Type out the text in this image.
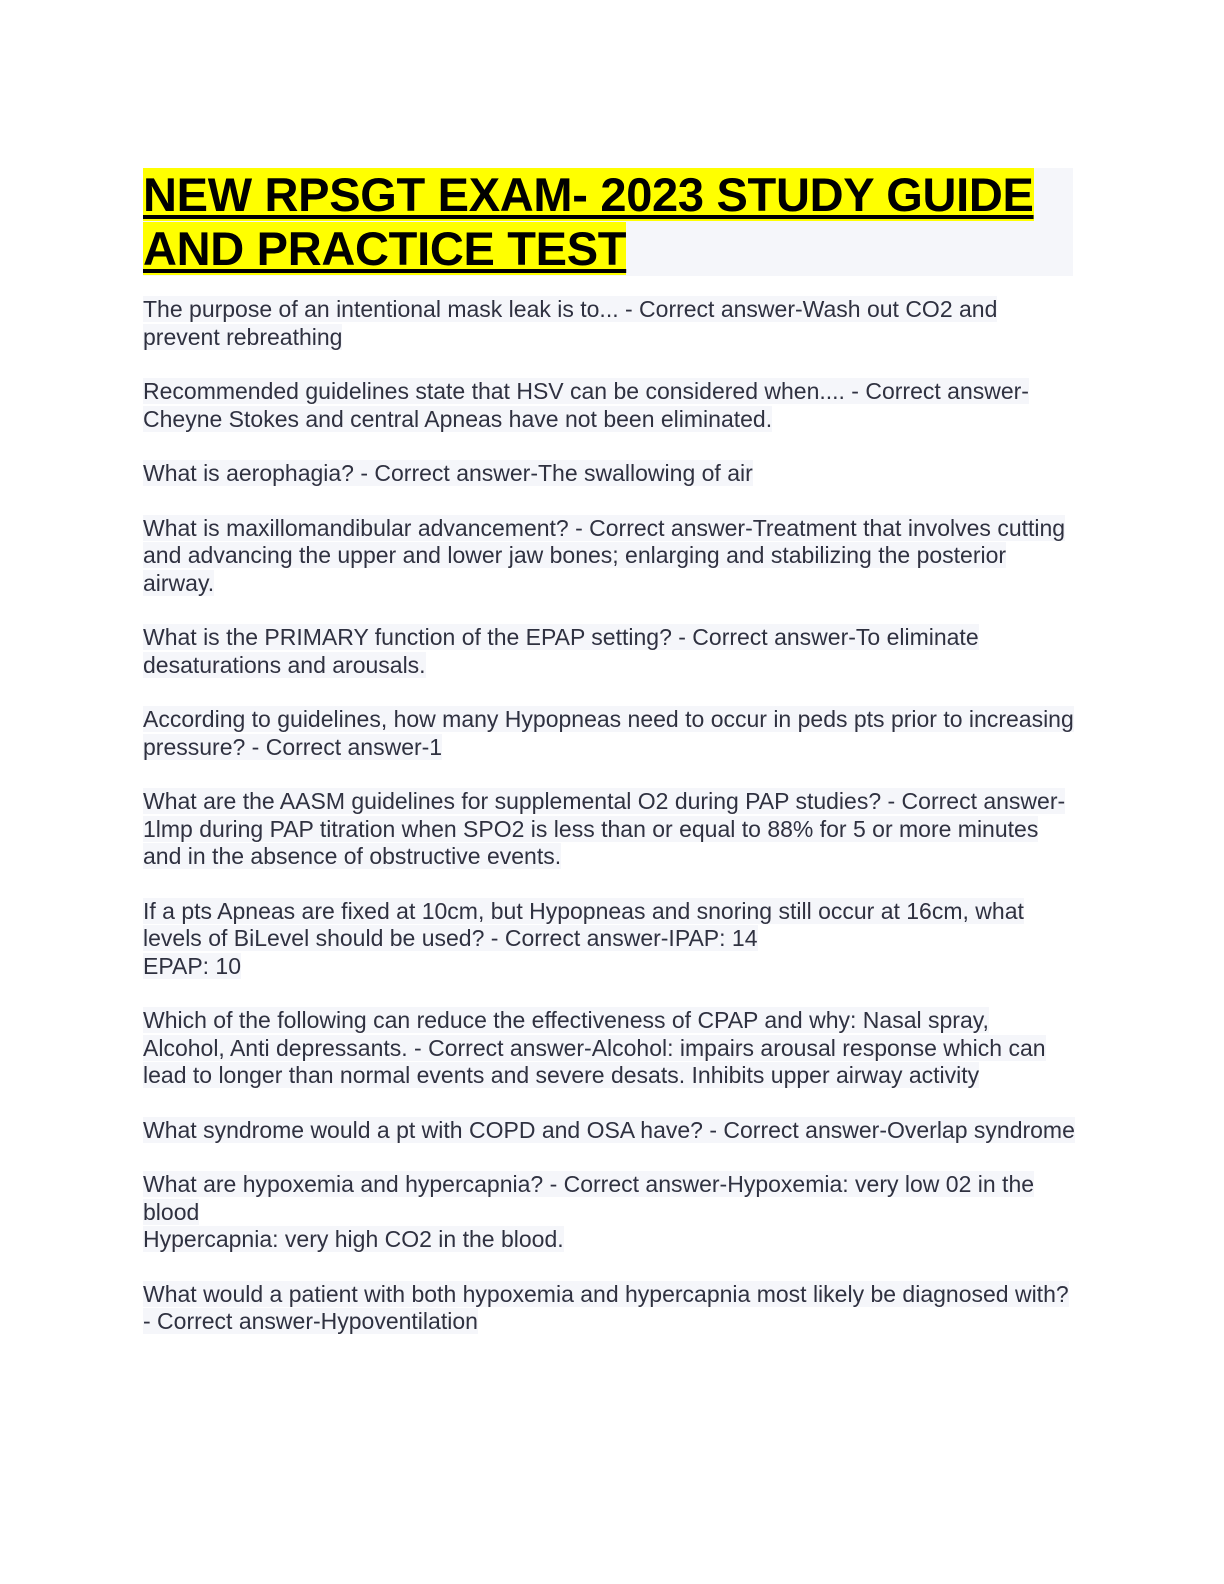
NEW RPSGT EXAM- 2023 STUDY GUIDE AND PRACTICE TEST
The purpose of an intentional mask leak is to... - Correct answer-Wash out CO2 and prevent rebreathing
Recommended guidelines state that HSV can be considered when.... - Correct answer-Cheyne Stokes and central Apneas have not been eliminated.
What is aerophagia? - Correct answer-The swallowing of air
What is maxillomandibular advancement? - Correct answer-Treatment that involves cutting and advancing the upper and lower jaw bones; enlarging and stabilizing the posterior airway.
What is the PRIMARY function of the EPAP setting? - Correct answer-To eliminate desaturations and arousals.
According to guidelines, how many Hypopneas need to occur in peds pts prior to increasing pressure? - Correct answer-1
What are the AASM guidelines for supplemental O2 during PAP studies? - Correct answer-1lmp during PAP titration when SPO2 is less than or equal to 88% for 5 or more minutes and in the absence of obstructive events.
If a pts Apneas are fixed at 10cm, but Hypopneas and snoring still occur at 16cm, what levels of BiLevel should be used? - Correct answer-IPAP: 14
EPAP: 10
Which of the following can reduce the effectiveness of CPAP and why: Nasal spray, Alcohol, Anti depressants. - Correct answer-Alcohol: impairs arousal response which can lead to longer than normal events and severe desats. Inhibits upper airway activity
What syndrome would a pt with COPD and OSA have? - Correct answer-Overlap syndrome
What are hypoxemia and hypercapnia? - Correct answer-Hypoxemia: very low 02 in the blood
Hypercapnia: very high CO2 in the blood.
What would a patient with both hypoxemia and hypercapnia most likely be diagnosed with? - Correct answer-Hypoventilation
